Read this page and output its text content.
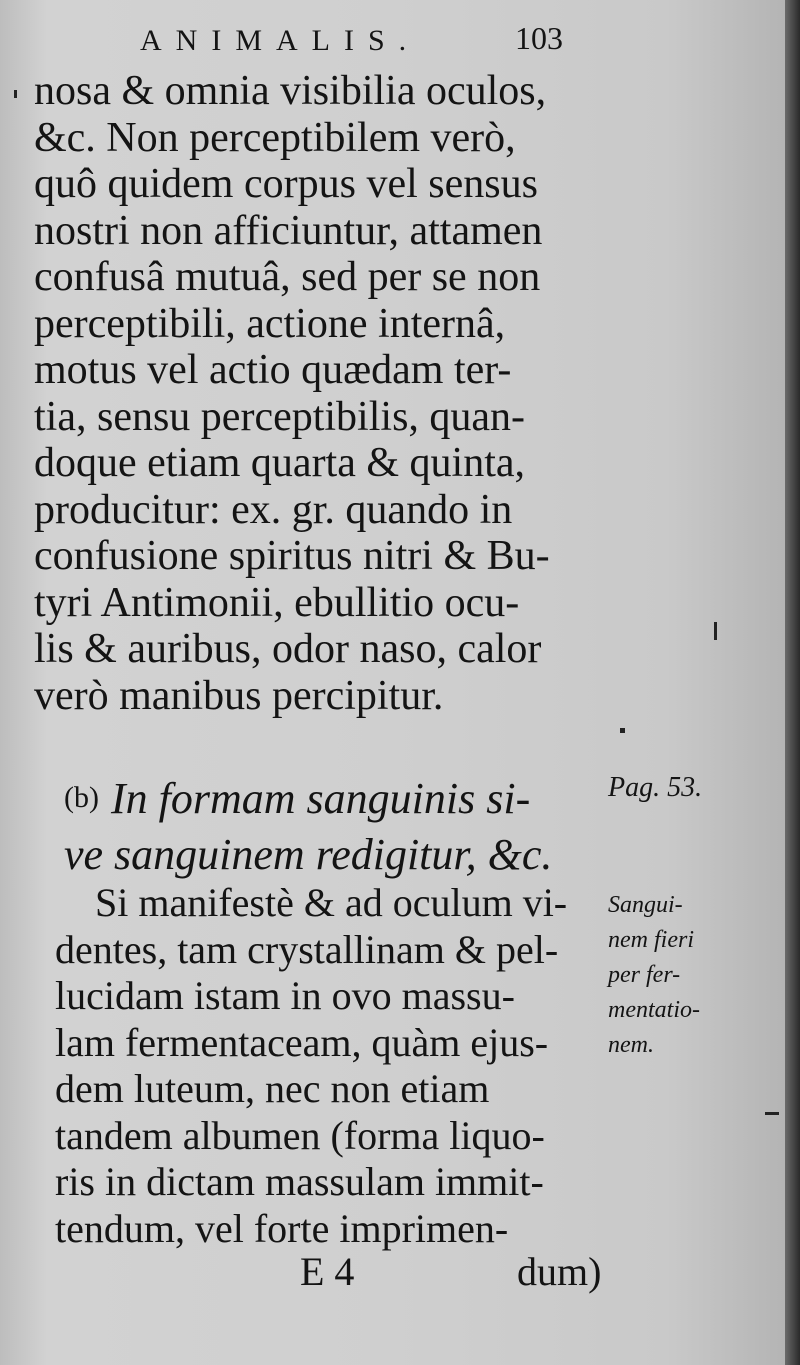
ANIMALIS.	103
nosa & omnia visibilia oculos,
&c. Non perceptibilem verò,
quô quidem corpus vel sensus
nostri non afficiuntur, attamen
confusâ mutuâ, sed per se non
perceptibili, actione internâ,
motus vel actio quædam ter-
tia, sensu perceptibilis, quan-
doque etiam quarta & quinta,
producitur: ex. gr. quando in
confusione spiritus nitri & Bu-
tyri Antimonii, ebullitio ocu-
lis & auribus, odor naso, calor
verò manibus percipitur.
(b) In formam sanguinis si-
ve sanguinem redigitur, &c.
Pag. 53.
Sangui-
nem fieri
per fer-
mentatio-
nem.
Si manifestè & ad oculum vi-
dentes, tam crystallinam & pel-
lucidam istam in ovo massu-
lam fermentaceam, quàm ejus-
dem luteum, nec non etiam
tandem albumen (forma liquo-
ris in dictam massulam immit-
tendum, vel forte imprimen-
E 4	dum)
